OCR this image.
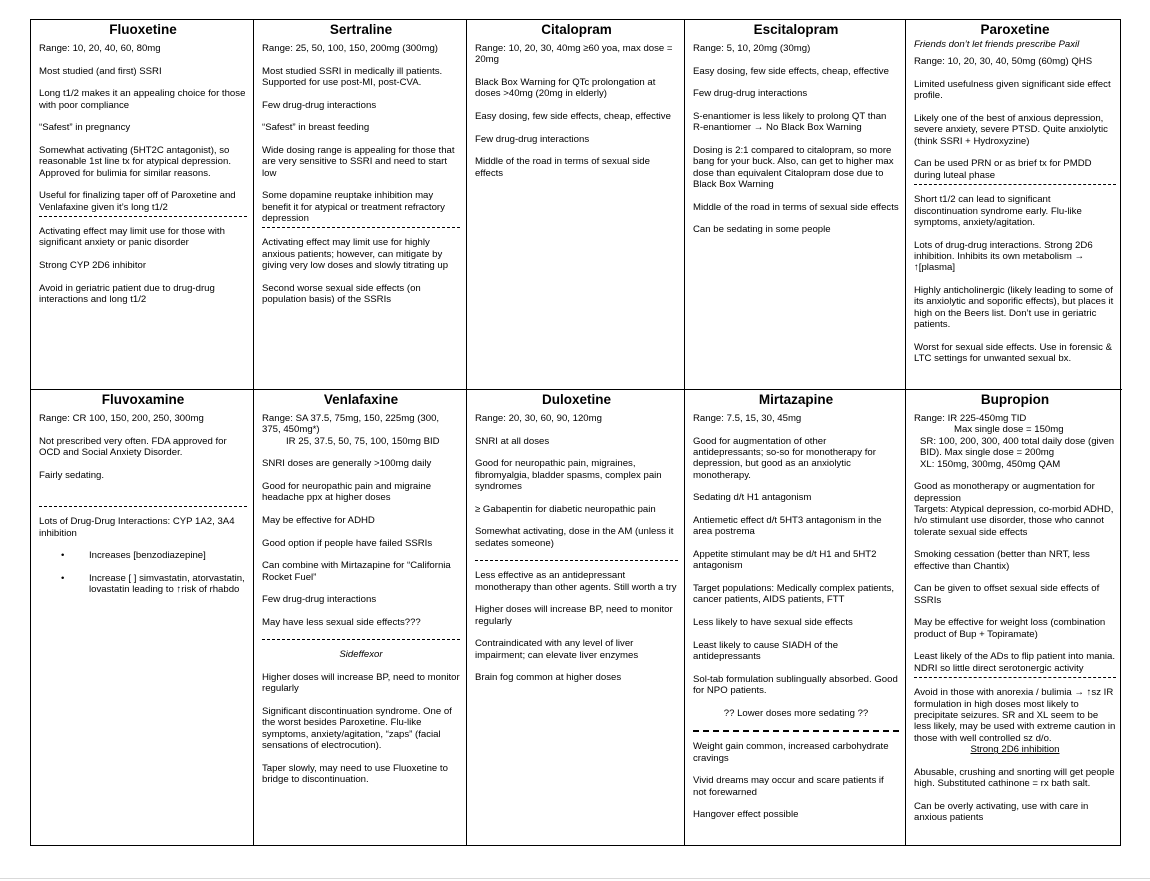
Fluoxetine
Range: 10, 20, 40, 60, 80mg
Most studied (and first) SSRI
Long t1/2 makes it an appealing choice for those with poor compliance
“Safest” in pregnancy
Somewhat activating (5HT2C antagonist), so reasonable 1st line tx for atypical depression. Approved for bulimia for similar reasons.
Useful for finalizing taper off of Paroxetine and Venlafaxine given it’s long t1/2
Activating effect may limit use for those with significant anxiety or panic disorder
Strong CYP 2D6 inhibitor
Avoid in geriatric patient due to drug-drug interactions and long t1/2
Sertraline
Range: 25, 50, 100, 150, 200mg (300mg)
Most studied SSRI in medically ill patients. Supported for use post-MI, post-CVA.
Few drug-drug interactions
“Safest” in breast feeding
Wide dosing range is appealing for those that are very sensitive to SSRI and need to start low
Some dopamine reuptake inhibition may benefit it for atypical or treatment refractory depression
Activating effect may limit use for highly anxious patients; however, can mitigate by giving very low doses and slowly titrating up
Second worse sexual side effects (on population basis) of the SSRIs
Citalopram
Range: 10, 20, 30, 40mg ≥60 yoa, max dose = 20mg
Black Box Warning for QTc prolongation at doses >40mg (20mg in elderly)
Easy dosing, few side effects, cheap, effective
Few drug-drug interactions
Middle of the road in terms of sexual side effects
Escitalopram
Range: 5, 10, 20mg (30mg)
Easy dosing, few side effects, cheap, effective
Few drug-drug interactions
S-enantiomer is less likely to prolong QT than R-enantiomer → No Black Box Warning
Dosing is 2:1 compared to citalopram, so more bang for your buck. Also, can get to higher max dose than equivalent Citalopram dose due to Black Box Warning
Middle of the road in terms of sexual side effects
Can be sedating in some people
Paroxetine
Friends don’t let friends prescribe Paxil
Range: 10, 20, 30, 40, 50mg (60mg) QHS
Limited usefulness given significant side effect profile.
Likely one of the best of anxious depression, severe anxiety, severe PTSD. Quite anxiolytic (think SSRI + Hydroxyzine)
Can be used PRN or as brief tx for PMDD during luteal phase
Short t1/2 can lead to significant discontinuation syndrome early. Flu-like symptoms, anxiety/agitation.
Lots of drug-drug interactions. Strong 2D6 inhibition. Inhibits its own metabolism → ↑[plasma]
Highly anticholinergic (likely leading to some of its anxiolytic and soporific effects), but places it high on the Beers list. Don’t use in geriatric patients.
Worst for sexual side effects. Use in forensic & LTC settings for unwanted sexual bx.
Fluvoxamine
Range: CR 100, 150, 200, 250, 300mg
Not prescribed very often. FDA approved for OCD and Social Anxiety Disorder.
Fairly sedating.
Lots of Drug-Drug Interactions: CYP 1A2, 3A4 inhibition
•	Increases [benzodiazepine]
•	Increase [ ] simvastatin, atorvastatin, lovastatin leading to ↑risk of rhabdo
Venlafaxine
Range: SA 37.5, 75mg, 150, 225mg (300, 375, 450mg*)
IR 25, 37.5, 50, 75, 100, 150mg BID
SNRI doses are generally >100mg daily
Good for neuropathic pain and migraine headache ppx at higher doses
May be effective for ADHD
Good option if people have failed SSRIs
Can combine with Mirtazapine for “California Rocket Fuel”
Few drug-drug interactions
May have less sexual side effects???
Sideffexor
Higher doses will increase BP, need to monitor regularly
Significant discontinuation syndrome. One of the worst besides Paroxetine. Flu-like symptoms, anxiety/agitation, “zaps” (facial sensations of electrocution).
Taper slowly, may need to use Fluoxetine to bridge to discontinuation.
Duloxetine
Range: 20, 30, 60, 90, 120mg
SNRI at all doses
Good for neuropathic pain, migraines, fibromyalgia, bladder spasms, complex pain syndromes
≥ Gabapentin for diabetic neuropathic pain
Somewhat activating, dose in the AM (unless it sedates someone)
Less effective as an antidepressant monotherapy than other agents. Still worth a try
Higher doses will increase BP, need to monitor regularly
Contraindicated with any level of liver impairment; can elevate liver enzymes
Brain fog common at higher doses
Mirtazapine
Range: 7.5, 15, 30, 45mg
Good for augmentation of other antidepressants; so-so for monotherapy for depression, but good as an anxiolytic monotherapy.
Sedating d/t H1 antagonism
Antiemetic effect d/t 5HT3 antagonism in the area postrema
Appetite stimulant may be d/t H1 and 5HT2 antagonism
Target populations: Medically complex patients, cancer patients, AIDS patients, FTT
Less likely to have sexual side effects
Least likely to cause SIADH of the antidepressants
Sol-tab formulation sublingually absorbed. Good for NPO patients.
?? Lower doses more sedating ??
Weight gain common, increased carbohydrate cravings
Vivid dreams may occur and scare patients if not forewarned
Hangover effect possible
Bupropion
Range: IR 225-450mg TID
Max single dose = 150mg
SR: 100, 200, 300, 400 total daily dose (given BID). Max single dose = 200mg
XL: 150mg, 300mg, 450mg QAM
Good as monotherapy or augmentation for depression
Targets: Atypical depression, co-morbid ADHD, h/o stimulant use disorder, those who cannot tolerate sexual side effects
Smoking cessation (better than NRT, less effective than Chantix)
Can be given to offset sexual side effects of SSRIs
May be effective for weight loss (combination product of Bup + Topiramate)
Least likely of the ADs to flip patient into mania. NDRI so little direct serotonergic activity
Avoid in those with anorexia / bulimia → ↑sz IR formulation in high doses most likely to precipitate seizures. SR and XL seem to be less likely, may be used with extreme caution in those with well controlled sz d/o.
Strong 2D6 inhibition
Abusable, crushing and snorting will get people high. Substituted cathinone = rx bath salt.
Can be overly activating, use with care in anxious patients
